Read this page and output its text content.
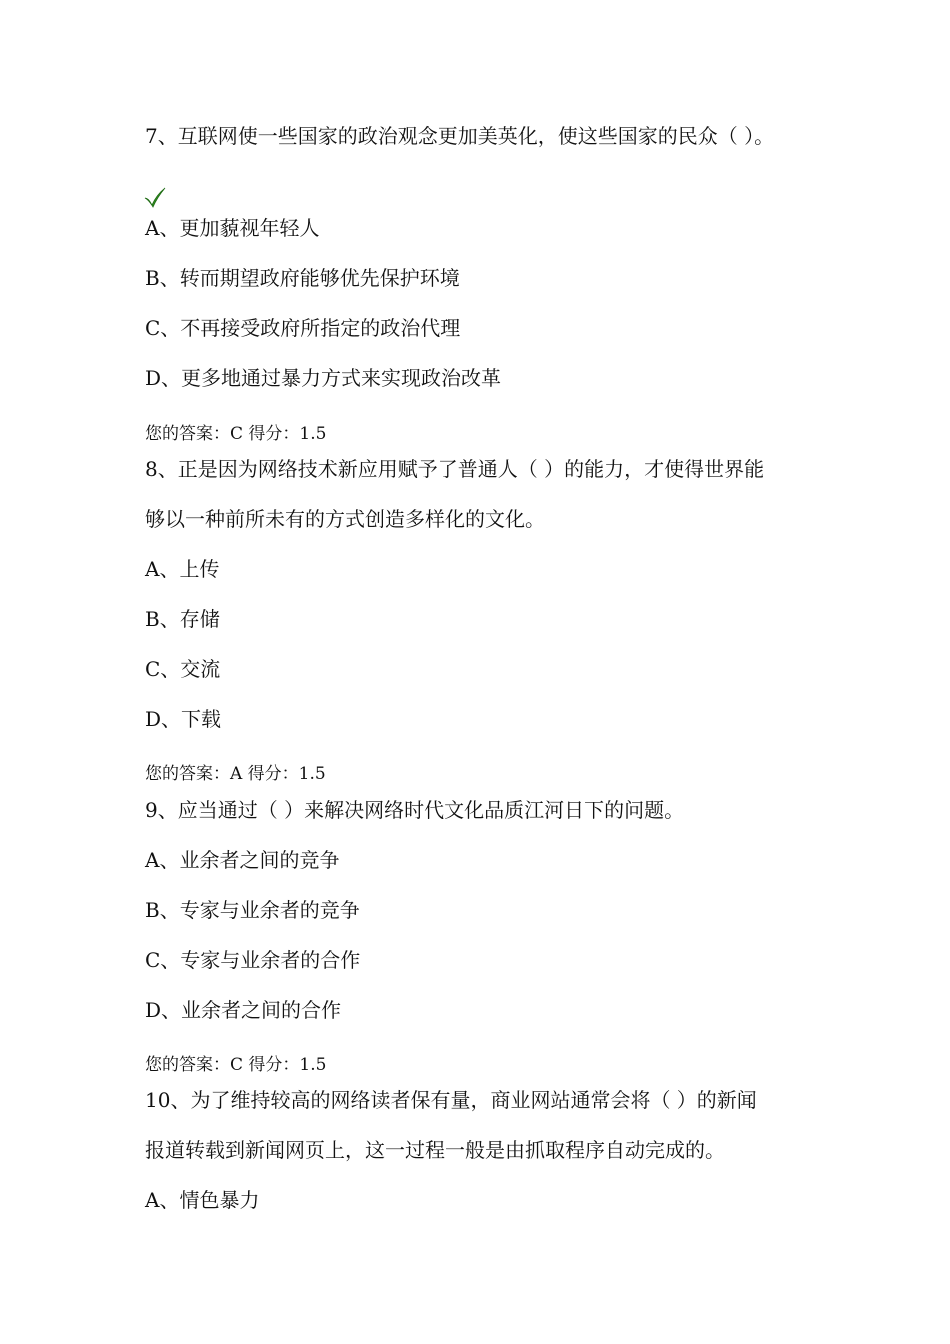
7、互联网使一些国家的政治观念更加美英化，使这些国家的民众（ ）。
A、更加藐视年轻人
B、转而期望政府能够优先保护环境
C、不再接受政府所指定的政治代理
D、更多地通过暴力方式来实现政治改革
您的答案：C 得分：1.5
8、正是因为网络技术新应用赋予了普通人（ ）的能力，才使得世界能
够以一种前所未有的方式创造多样化的文化。
A、上传
B、存储
C、交流
D、下载
您的答案：A 得分：1.5
9、应当通过（ ）来解决网络时代文化品质江河日下的问题。
A、业余者之间的竞争
B、专家与业余者的竞争
C、专家与业余者的合作
D、业余者之间的合作
您的答案：C 得分：1.5
10、为了维持较高的网络读者保有量，商业网站通常会将（ ）的新闻
报道转载到新闻网页上，这一过程一般是由抓取程序自动完成的。
A、情色暴力
